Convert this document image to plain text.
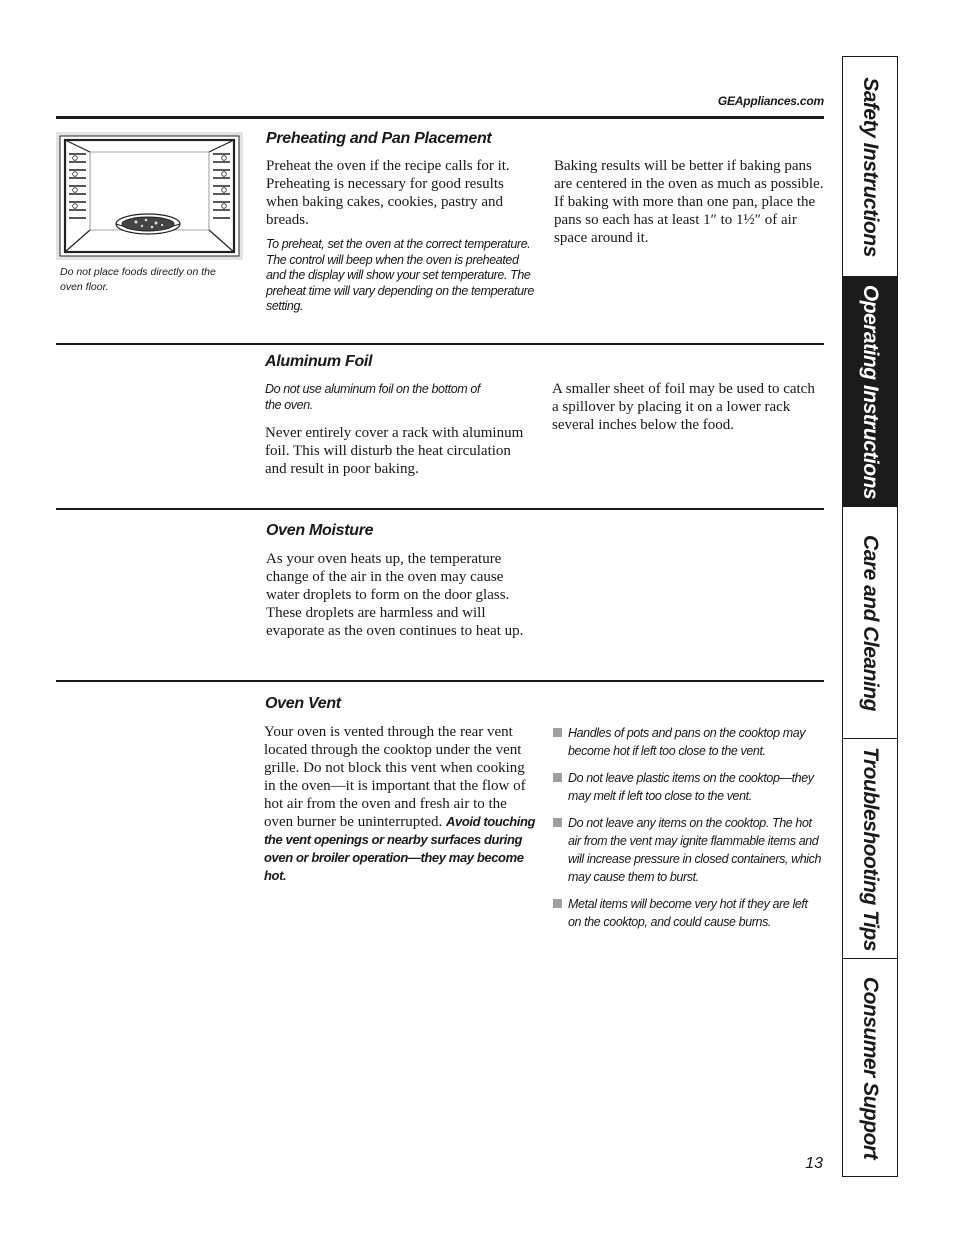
GEAppliances.com

Do not place foods directly on the oven floor.

Preheating and Pan Placement

Preheat the oven if the recipe calls for it. Preheating is necessary for good results when baking cakes, cookies, pastry and breads.

To preheat, set the oven at the correct temperature. The control will beep when the oven is preheated and the display will show your set temperature. The preheat time will vary depending on the temperature setting.

Baking results will be better if baking pans are centered in the oven as much as possible. If baking with more than one pan, place the pans so each has at least 1″ to 1½″ of air space around it.

Aluminum Foil

Do not use aluminum foil on the bottom of the oven.

Never entirely cover a rack with aluminum foil. This will disturb the heat circulation and result in poor baking.

A smaller sheet of foil may be used to catch a spillover by placing it on a lower rack several inches below the food.

Oven Moisture

As your oven heats up, the temperature change of the air in the oven may cause water droplets to form on the door glass. These droplets are harmless and will evaporate as the oven continues to heat up.

Oven Vent

Your oven is vented through the rear vent located through the cooktop under the vent grille. Do not block this vent when cooking in the oven—it is important that the flow of hot air from the oven and fresh air to the oven burner be uninterrupted. Avoid touching the vent openings or nearby surfaces during oven or broiler operation—they may become hot.

Handles of pots and pans on the cooktop may become hot if left too close to the vent.
Do not leave plastic items on the cooktop—they may melt if left too close to the vent.
Do not leave any items on the cooktop. The hot air from the vent may ignite flammable items and will increase pressure in closed containers, which may cause them to burst.
Metal items will become very hot if they are left on the cooktop, and could cause burns.
Safety Instructions
Operating Instructions
Care and Cleaning
Troubleshooting Tips
Consumer Support
13
